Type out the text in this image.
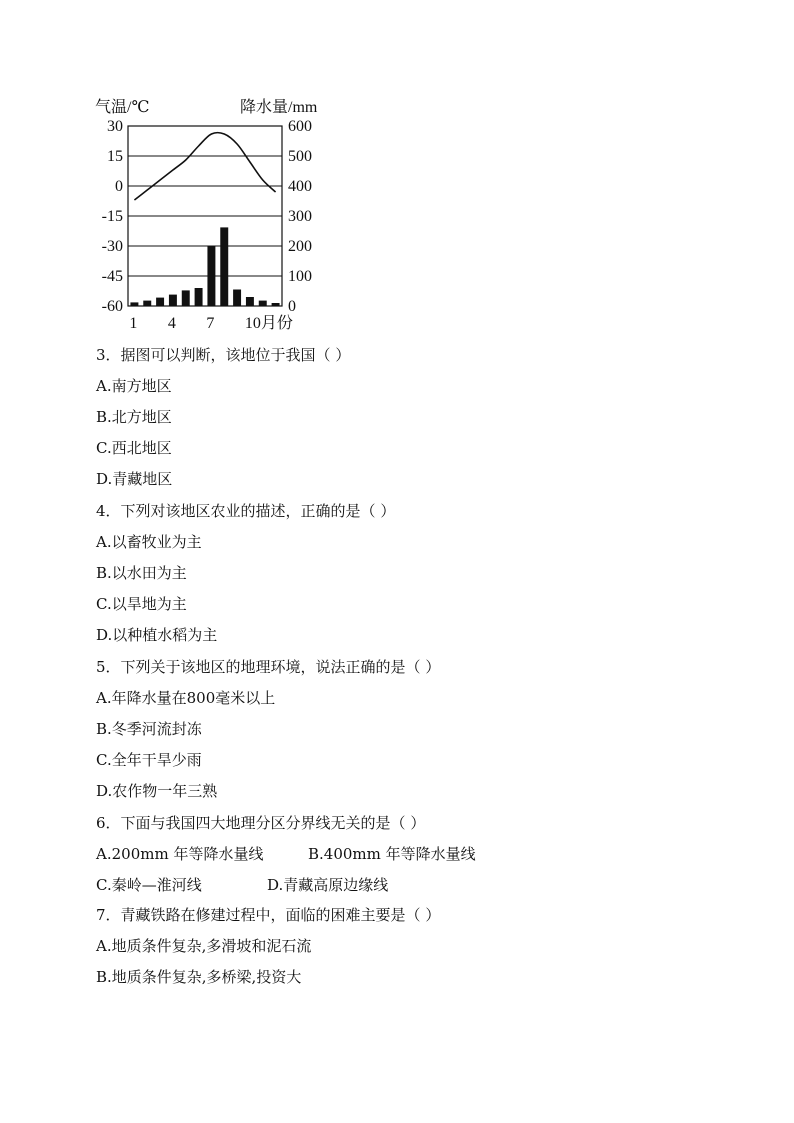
气温/℃	降水量/mm
30
15
0
-15
-30
-45
-60
600
500
400
300
200
100
0
1 4 7 10月份
3．据图可以判断，该地位于我国（ ）
A.南方地区
B.北方地区
C.西北地区
D.青藏地区
4．下列对该地区农业的描述，正确的是（ ）
A.以畜牧业为主
B.以水田为主
C.以旱地为主
D.以种植水稻为主
5．下列关于该地区的地理环境，说法正确的是（ ）
A.年降水量在800毫米以上
B.冬季河流封冻
C.全年干旱少雨
D.农作物一年三熟
6．下面与我国四大地理分区分界线无关的是（ ）
A.200mm 年等降水量线	B.400mm 年等降水量线
C.秦岭—淮河线	D.青藏高原边缘线
7．青藏铁路在修建过程中，面临的困难主要是（ ）
A.地质条件复杂,多滑坡和泥石流
B.地质条件复杂,多桥梁,投资大
